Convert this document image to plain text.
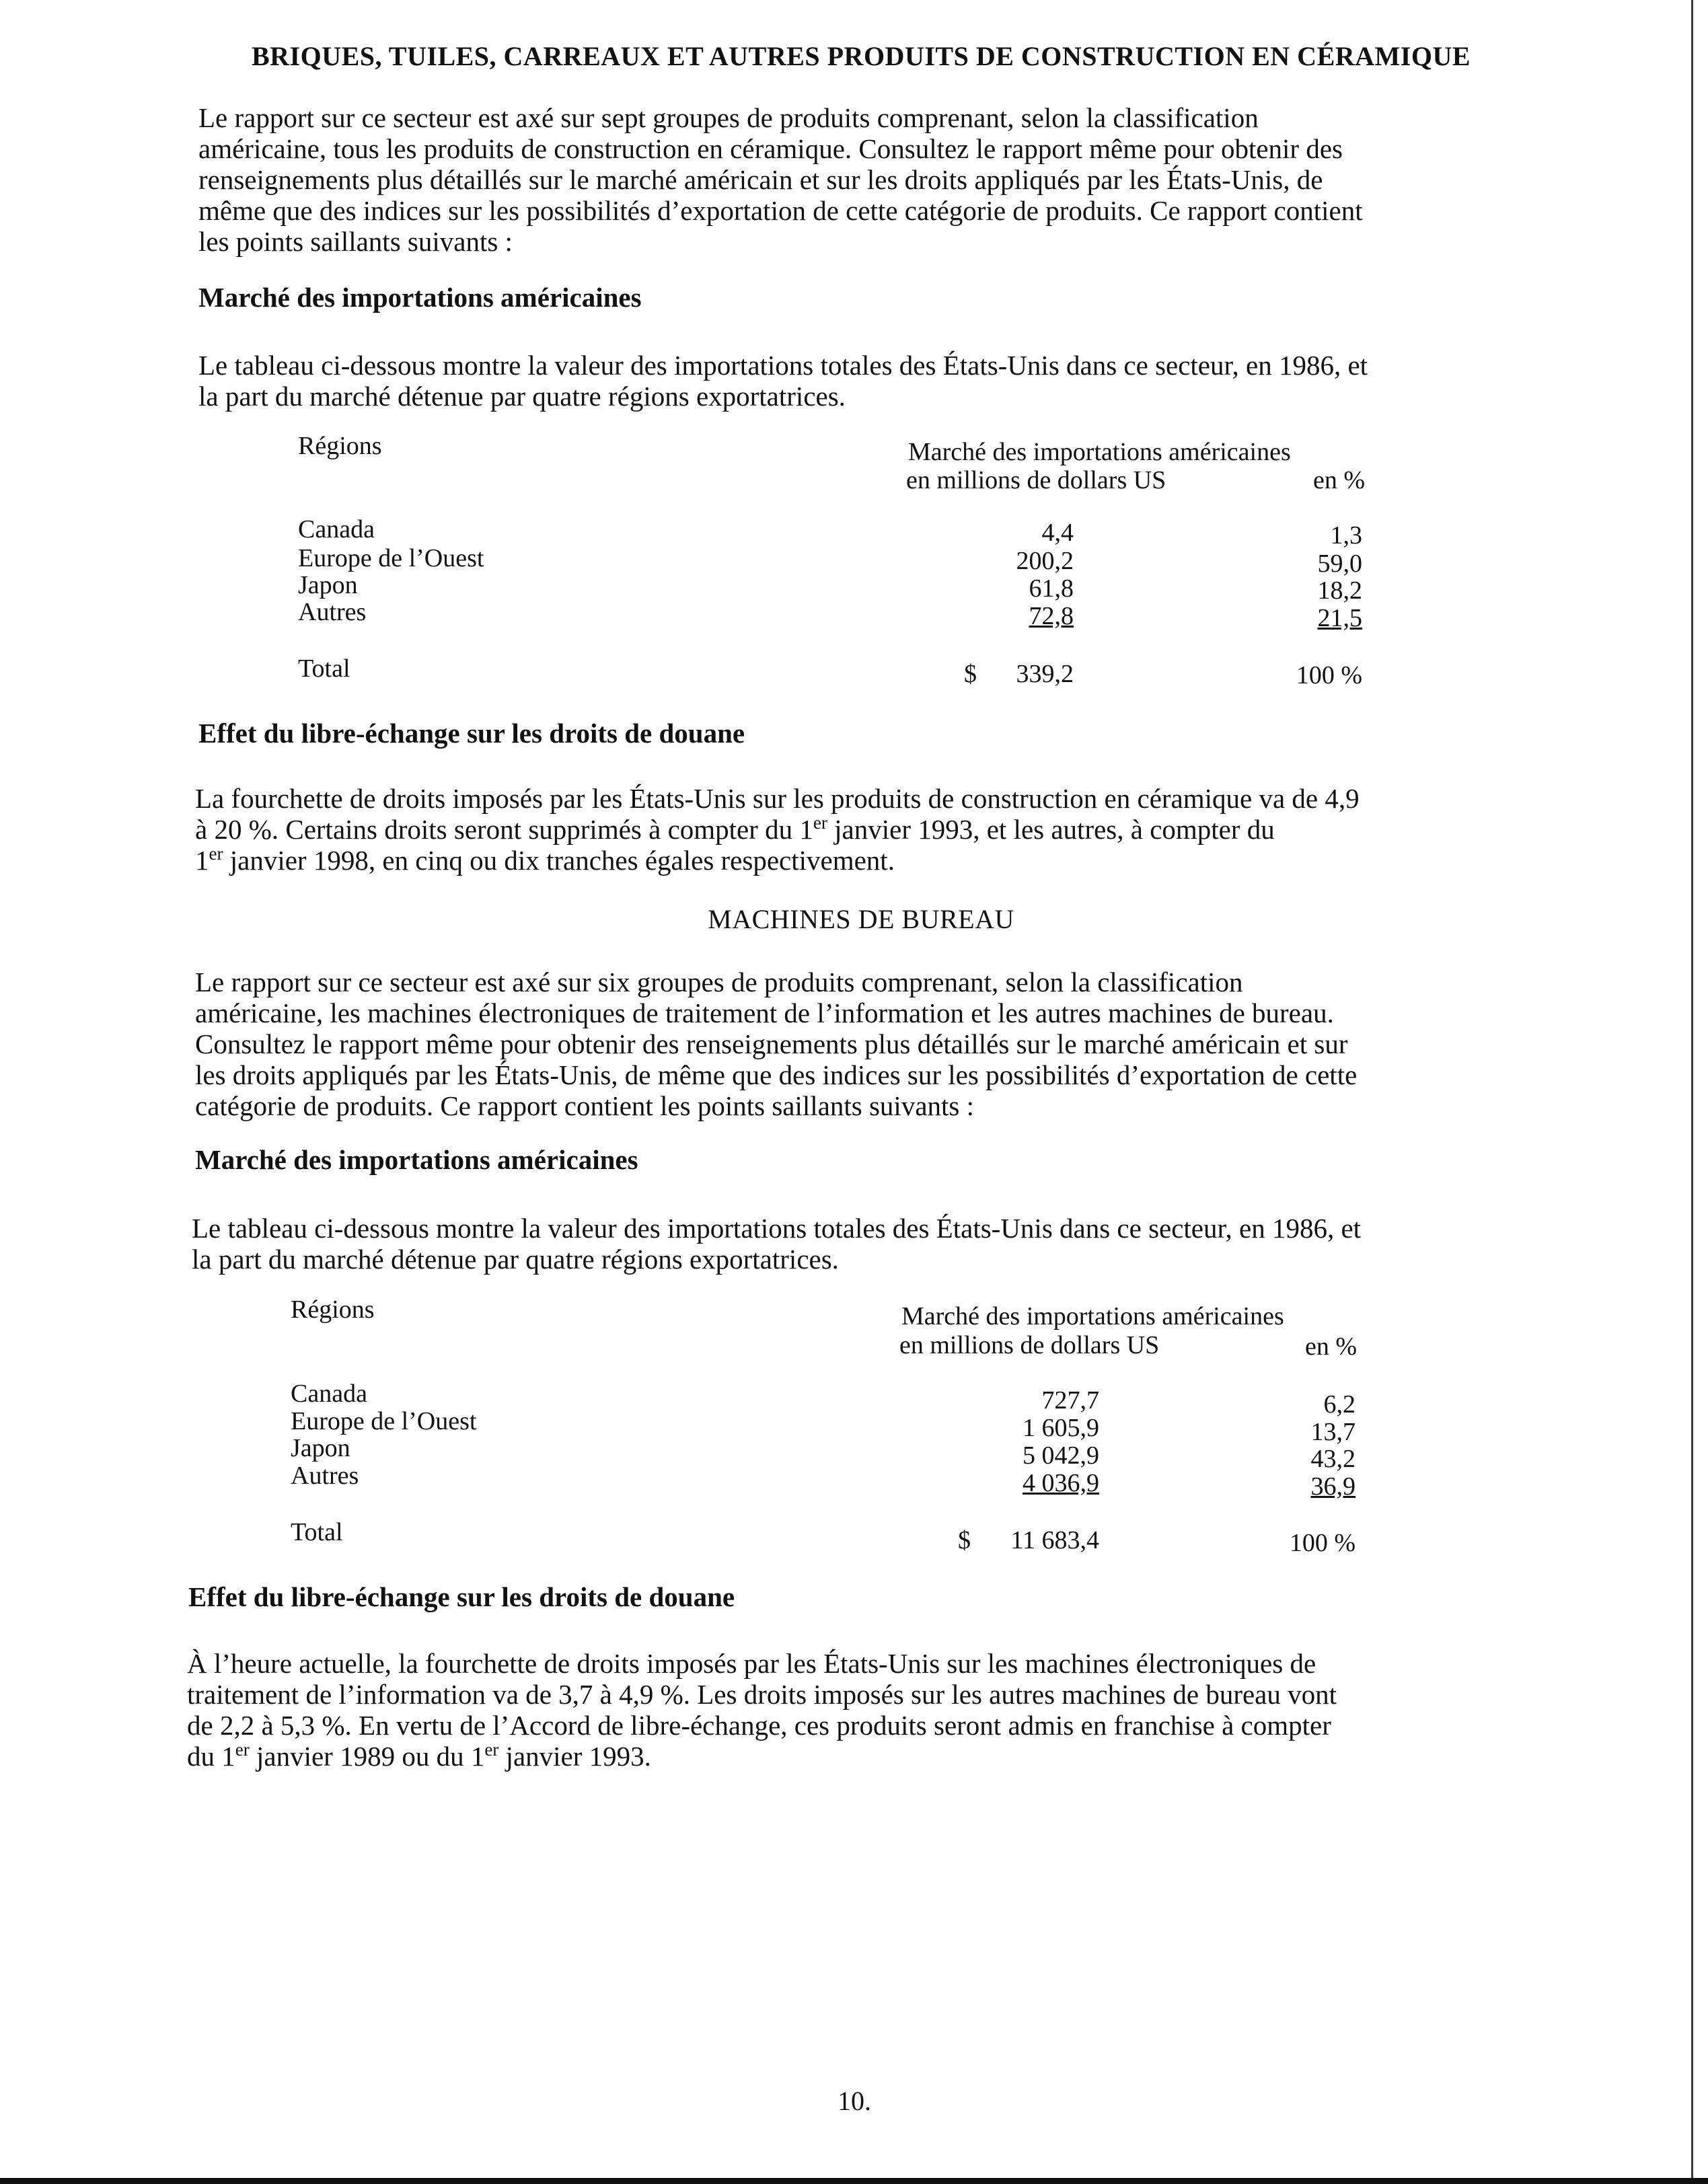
BRIQUES, TUILES, CARREAUX ET AUTRES PRODUITS DE CONSTRUCTION EN CÉRAMIQUE
Le rapport sur ce secteur est axé sur sept groupes de produits comprenant, selon la classification
américaine, tous les produits de construction en céramique. Consultez le rapport même pour obtenir des
renseignements plus détaillés sur le marché américain et sur les droits appliqués par les États-Unis, de
même que des indices sur les possibilités d’exportation de cette catégorie de produits. Ce rapport contient
les points saillants suivants :
Marché des importations américaines
Le tableau ci-dessous montre la valeur des importations totales des États-Unis dans ce secteur, en 1986, et
la part du marché détenue par quatre régions exportatrices.
Régions	Marché des importations américaines
en millions de dollars US	en %
Canada	4,4	1,3
Europe de l’Ouest	200,2	59,0
Japon	61,8	18,2
Autres	72,8	21,5
Total	$	339,2	100 %
Effet du libre-échange sur les droits de douane
La fourchette de droits imposés par les États-Unis sur les produits de construction en céramique va de 4,9
à 20 %. Certains droits seront supprimés à compter du 1er janvier 1993, et les autres, à compter du
1er janvier 1998, en cinq ou dix tranches égales respectivement.
MACHINES DE BUREAU
Le rapport sur ce secteur est axé sur six groupes de produits comprenant, selon la classification
américaine, les machines électroniques de traitement de l’information et les autres machines de bureau.
Consultez le rapport même pour obtenir des renseignements plus détaillés sur le marché américain et sur
les droits appliqués par les États-Unis, de même que des indices sur les possibilités d’exportation de cette
catégorie de produits. Ce rapport contient les points saillants suivants :
Marché des importations américaines
Le tableau ci-dessous montre la valeur des importations totales des États-Unis dans ce secteur, en 1986, et
la part du marché détenue par quatre régions exportatrices.
Régions	Marché des importations américaines
en millions de dollars US	en %
Canada	727,7	6,2
Europe de l’Ouest	1 605,9	13,7
Japon	5 042,9	43,2
Autres	4 036,9	36,9
Total	$	11 683,4	100 %
Effet du libre-échange sur les droits de douane
À l’heure actuelle, la fourchette de droits imposés par les États-Unis sur les machines électroniques de
traitement de l’information va de 3,7 à 4,9 %. Les droits imposés sur les autres machines de bureau vont
de 2,2 à 5,3 %. En vertu de l’Accord de libre-échange, ces produits seront admis en franchise à compter
du 1er janvier 1989 ou du 1er janvier 1993.
10.
